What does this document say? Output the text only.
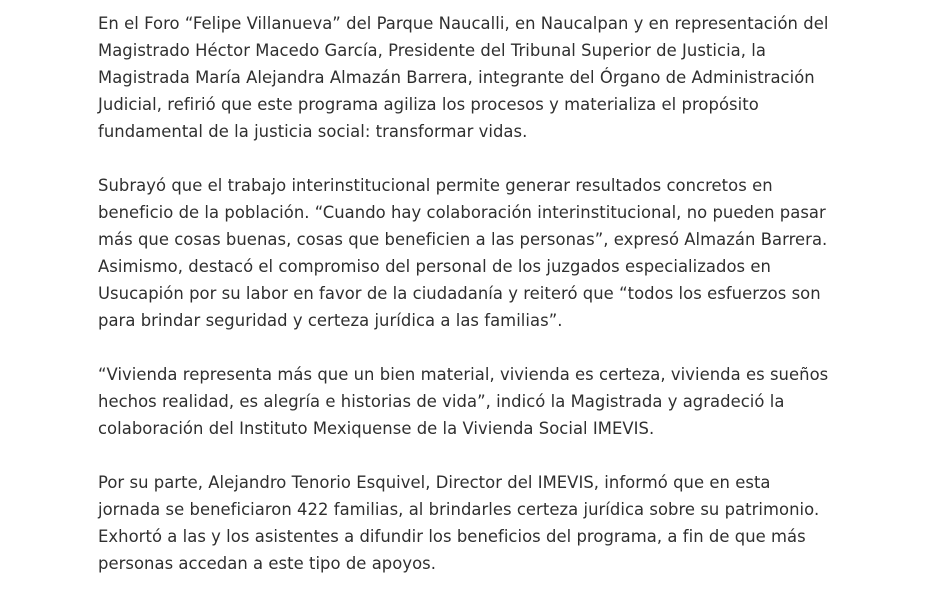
En el Foro “Felipe Villanueva” del Parque Naucalli, en Naucalpan y en representación del Magistrado Héctor Macedo García, Presidente del Tribunal Superior de Justicia, la Magistrada María Alejandra Almazán Barrera, integrante del Órgano de Administración Judicial, refirió que este programa agiliza los procesos y materializa el propósito fundamental de la justicia social: transformar vidas.

Subrayó que el trabajo interinstitucional permite generar resultados concretos en beneficio de la población. “Cuando hay colaboración interinstitucional, no pueden pasar más que cosas buenas, cosas que beneficien a las personas”, expresó Almazán Barrera. Asimismo, destacó el compromiso del personal de los juzgados especializados en Usucapión por su labor en favor de la ciudadanía y reiteró que “todos los esfuerzos son para brindar seguridad y certeza jurídica a las familias”.

“Vivienda representa más que un bien material, vivienda es certeza, vivienda es sueños hechos realidad, es alegría e historias de vida”, indicó la Magistrada y agradeció la colaboración del Instituto Mexiquense de la Vivienda Social IMEVIS.

Por su parte, Alejandro Tenorio Esquivel, Director del IMEVIS, informó que en esta jornada se beneficiaron 422 familias, al brindarles certeza jurídica sobre su patrimonio. Exhortó a las y los asistentes a difundir los beneficios del programa, a fin de que más personas accedan a este tipo de apoyos.
